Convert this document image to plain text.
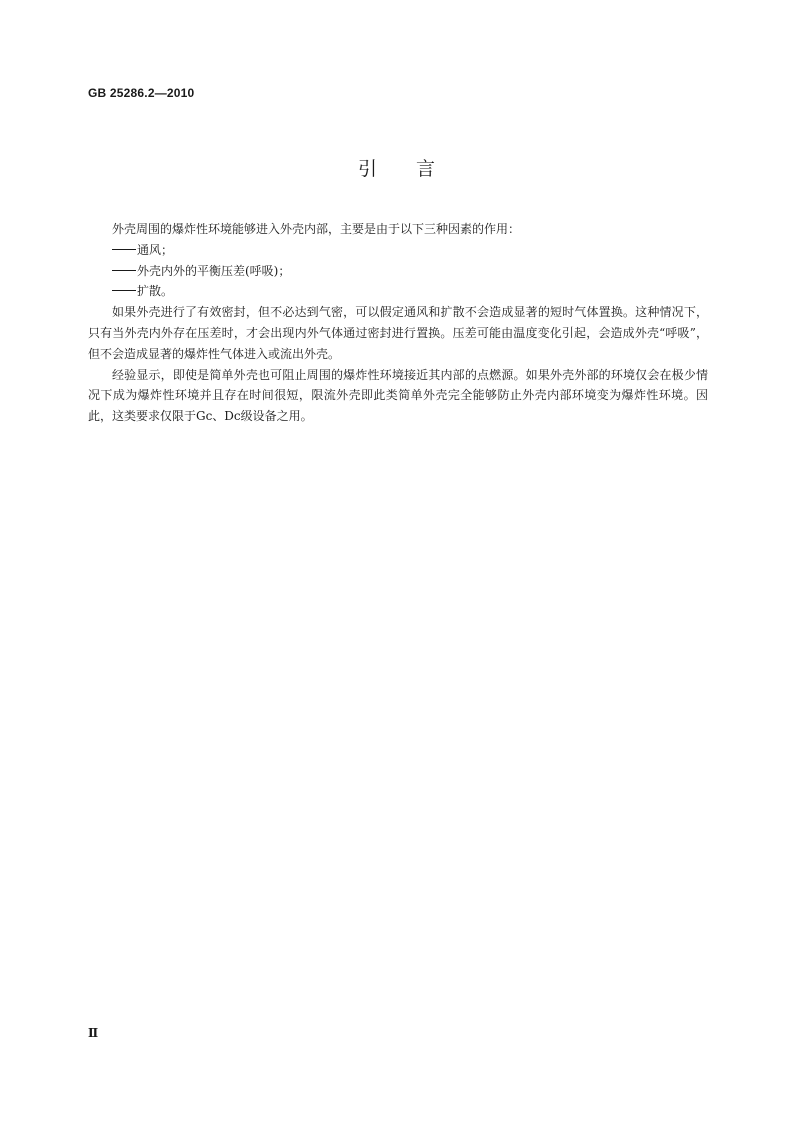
GB 25286.2—2010
引 言

外壳周围的爆炸性环境能够进入外壳内部，主要是由于以下三种因素的作用：

通风；

外壳内外的平衡压差(呼吸)；

扩散。

如果外壳进行了有效密封，但不必达到气密，可以假定通风和扩散不会造成显著的短时气体置换。这种情况下，只有当外壳内外存在压差时，才会出现内外气体通过密封进行置换。压差可能由温度变化引起，会造成外壳“呼吸”，但不会造成显著的爆炸性气体进入或流出外壳。

经验显示，即使是简单外壳也可阻止周围的爆炸性环境接近其内部的点燃源。如果外壳外部的环境仅会在极少情况下成为爆炸性环境并且存在时间很短，限流外壳即此类简单外壳完全能够防止外壳内部环境变为爆炸性环境。因此，这类要求仅限于Gc、Dc级设备之用。

Ⅱ
